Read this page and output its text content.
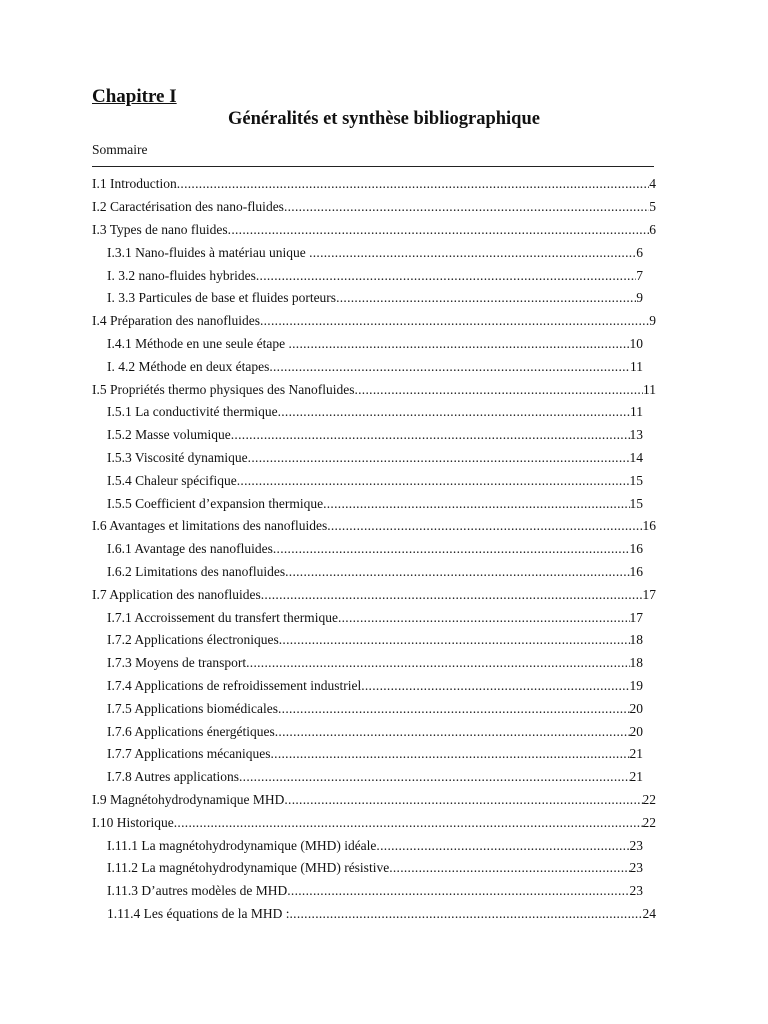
Chapitre I
Généralités et synthèse bibliographique
Sommaire
I.1 Introduction .....	4
I.2 Caractérisation des nano-fluides .....	5
I.3 Types de nano fluides .....	6
I.3.1 Nano-fluides à matériau unique .....	6
I. 3.2 nano-fluides hybrides .....	7
I. 3.3 Particules de base et fluides porteurs .....	9
I.4 Préparation des nanofluides .....	9
I.4.1 Méthode en une seule étape .....	10
I. 4.2 Méthode en deux étapes .....	11
I.5 Propriétés thermo physiques des Nanofluides .....	11
I.5.1 La conductivité thermique .....	11
I.5.2 Masse volumique .....	13
I.5.3 Viscosité dynamique .....	14
I.5.4 Chaleur spécifique .....	15
I.5.5 Coefficient d’expansion thermique .....	15
I.6 Avantages et limitations des nanofluides .....	16
I.6.1 Avantage des nanofluides .....	16
I.6.2 Limitations des nanofluides .....	16
I.7 Application des nanofluides .....	17
I.7.1 Accroissement du transfert thermique .....	17
I.7.2 Applications électroniques .....	18
I.7.3 Moyens de transport .....	18
I.7.4 Applications de refroidissement industriel .....	19
I.7.5 Applications biomédicales .....	20
I.7.6 Applications énergétiques .....	20
I.7.7 Applications mécaniques .....	21
I.7.8 Autres applications .....	21
I.9 Magnétohydrodynamique MHD .....	22
I.10 Historique .....	22
I.11.1 La magnétohydrodynamique (MHD) idéale .....	23
I.11.2 La magnétohydrodynamique (MHD) résistive .....	23
I.11.3 D’autres modèles de MHD .....	23
1.11.4 Les équations de la MHD : .....	24
